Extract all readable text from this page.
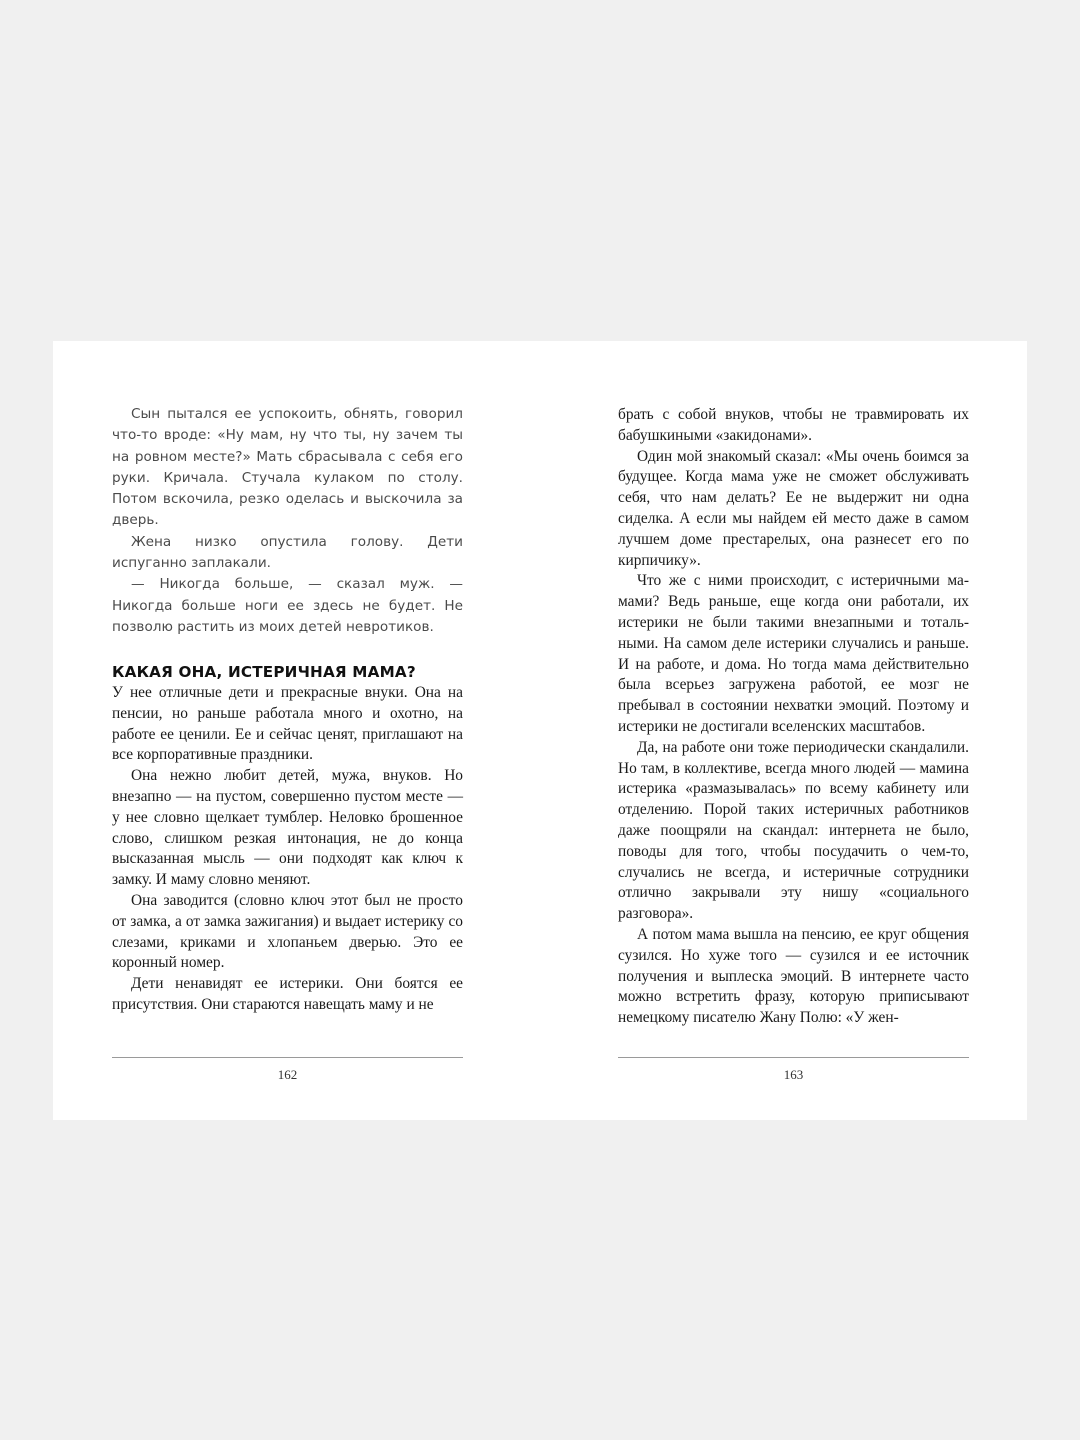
Сын пытался ее успокоить, обнять, говорил что-то вроде: «Ну мам, ну что ты, ну зачем ты на ровном месте?» Мать сбрасывала с себя его руки. Кричала. Стучала кулаком по столу. Потом вскочила, резко оделась и выскочила за дверь.

Жена низко опустила голову. Дети испуганно заплакали.

— Никогда больше, — сказал муж. — Никогда больше ноги ее здесь не будет. Не позволю растить из моих детей невротиков.

КАКАЯ ОНА, ИСТЕРИЧНАЯ МАМА?

У нее отличные дети и прекрасные внуки. Она на пенсии, но раньше работала много и охотно, на работе ее ценили. Ее и сейчас ценят, приглашают на все корпоративные праздники.

Она нежно любит детей, мужа, внуков. Но внезапно — на пустом, совершенно пустом месте — у нее словно щелкает тумблер. Неловко брошенное слово, слишком резкая интонация, не до конца высказанная мысль — они подходят как ключ к замку. И маму словно меняют.

Она заводится (словно ключ этот был не просто от замка, а от замка зажигания) и выдает истерику со слезами, криками и хлопаньем дверью. Это ее коронный номер.

Дети ненавидят ее истерики. Они боятся ее присутствия. Они стараются навещать маму и не

162

брать с собой внуков, чтобы не травмировать их бабушкиными «закидонами».

Один мой знакомый сказал: «Мы очень боимся за будущее. Когда мама уже не сможет обслуживать себя, что нам делать? Ее не выдержит ни одна сиделка. А если мы найдем ей место даже в самом лучшем доме престарелых, она разнесет его по кирпичику».

Что же с ними происходит, с истеричными мамами? Ведь раньше, еще когда они работали, их истерики не были такими внезапными и тотальными. На самом деле истерики случались и раньше. И на работе, и дома. Но тогда мама действительно была всерьез загружена работой, ее мозг не пребывал в состоянии нехватки эмоций. Поэтому и истерики не достигали вселенских масштабов.

Да, на работе они тоже периодически скандалили. Но там, в коллективе, всегда много людей — мамина истерика «размазывалась» по всему кабинету или отделению. Порой таких истеричных работников даже поощряли на скандал: интернета не было, поводы для того, чтобы посудачить о чем-то, случались не всегда, и истеричные сотрудники отлично закрывали эту нишу «социального разговора».

А потом мама вышла на пенсию, ее круг общения сузился. Но хуже того — сузился и ее источник получения и выплеска эмоций. В интернете часто можно встретить фразу, которую приписывают немецкому писателю Жану Полю: «У жен-

163
